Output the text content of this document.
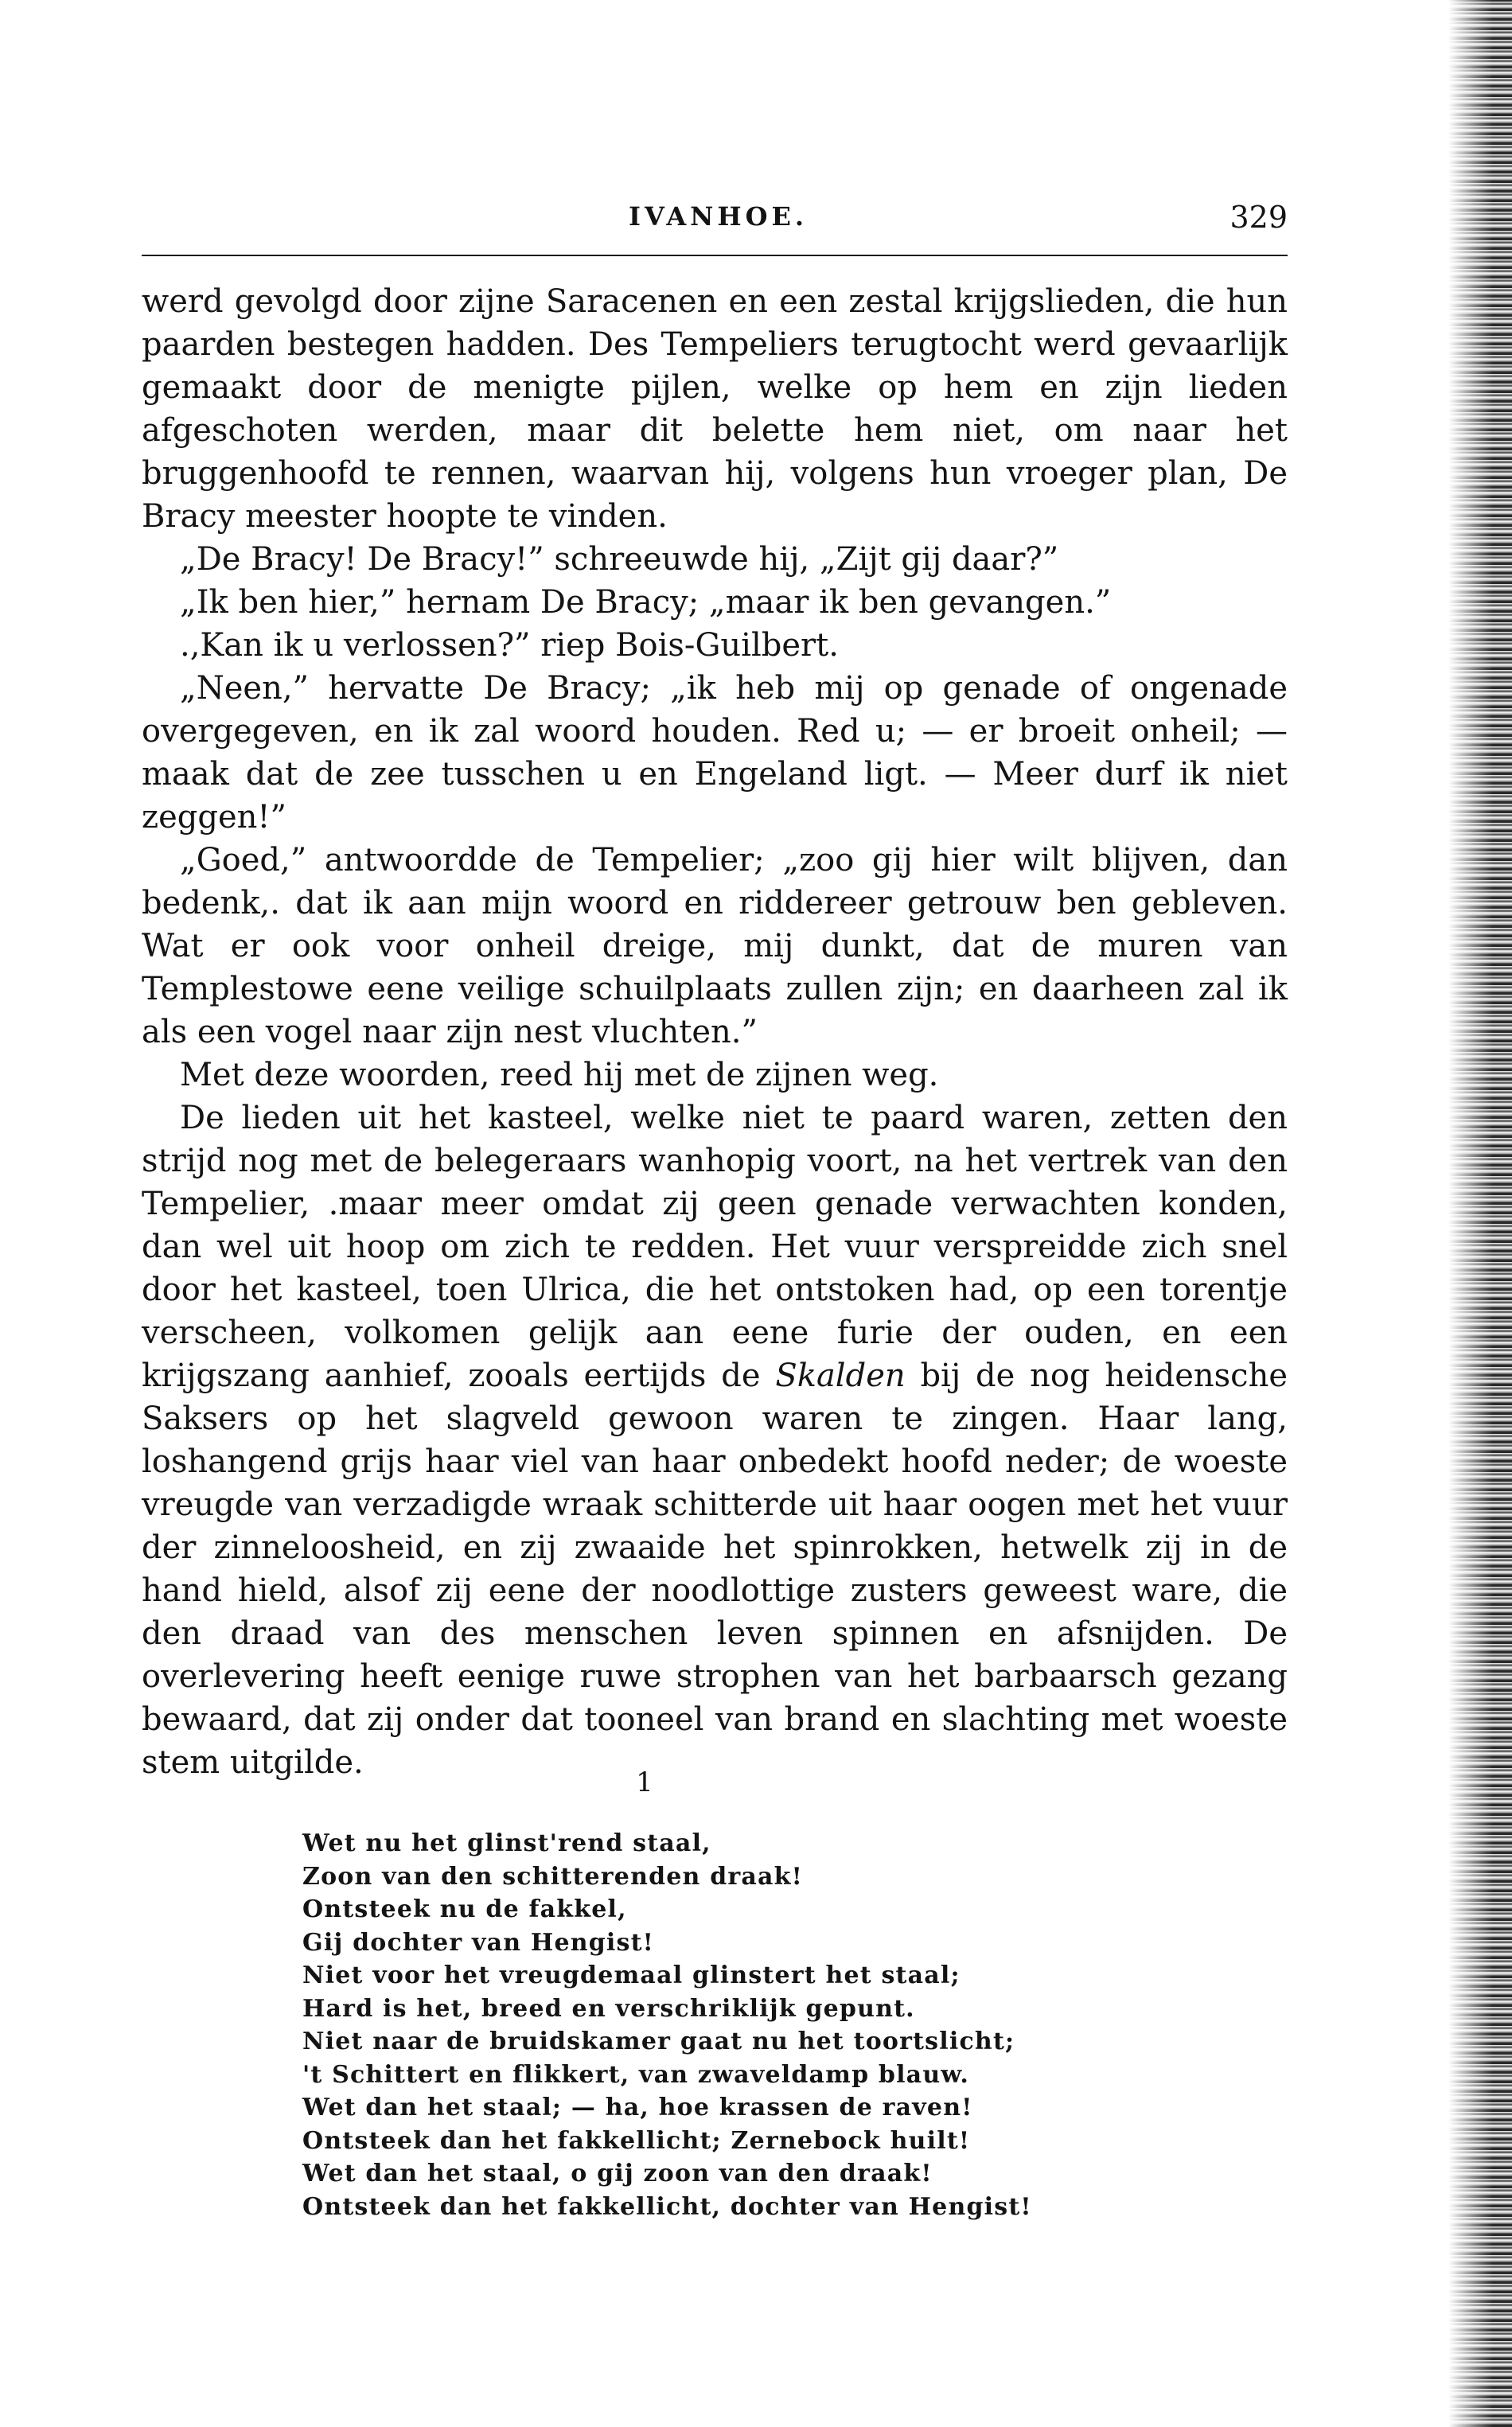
IVANHOE.	329

werd gevolgd door zijne Saracenen en een zestal krijgslieden, die hun paarden bestegen hadden. Des Tempeliers terugtocht werd gevaarlijk gemaakt door de menigte pijlen, welke op hem en zijn lieden afgeschoten werden, maar dit belette hem niet, om naar het bruggenhoofd te rennen, waarvan hij, volgens hun vroeger plan, De Bracy meester hoopte te vinden.

„De Bracy! De Bracy!” schreeuwde hij, „Zijt gij daar?”

„Ik ben hier,” hernam De Bracy; „maar ik ben gevangen.”

.,Kan ik u verlossen?” riep Bois-Guilbert.

„Neen,” hervatte De Bracy; „ik heb mij op genade of ongenade overgegeven, en ik zal woord houden. Red u; — er broeit onheil; — maak dat de zee tusschen u en Engeland ligt. — Meer durf ik niet zeggen!”

„Goed,” antwoordde de Tempelier; „zoo gij hier wilt blijven, dan bedenk,. dat ik aan mijn woord en riddereer getrouw ben gebleven. Wat er ook voor onheil dreige, mij dunkt, dat de muren van Templestowe eene veilige schuilplaats zullen zijn; en daarheen zal ik als een vogel naar zijn nest vluchten.”

Met deze woorden, reed hij met de zijnen weg.

De lieden uit het kasteel, welke niet te paard waren, zetten den strijd nog met de belegeraars wanhopig voort, na het vertrek van den Tempelier, .maar meer omdat zij geen genade verwachten konden, dan wel uit hoop om zich te redden. Het vuur verspreidde zich snel door het kasteel, toen Ulrica, die het ontstoken had, op een torentje verscheen, volkomen gelijk aan eene furie der ouden, en een krijgszang aanhief, zooals eertijds de Skalden bij de nog heidensche Saksers op het slagveld gewoon waren te zingen. Haar lang, loshangend grijs haar viel van haar onbedekt hoofd neder; de woeste vreugde van verzadigde wraak schitterde uit haar oogen met het vuur der zinneloosheid, en zij zwaaide het spinrokken, hetwelk zij in de hand hield, alsof zij eene der noodlottige zusters geweest ware, die den draad van des menschen leven spinnen en afsnijden. De overlevering heeft eenige ruwe strophen van het barbaarsch gezang bewaard, dat zij onder dat tooneel van brand en slachting met woeste stem uitgilde.

1
Wet nu het glinst'rend staal,
Zoon van den schitterenden draak!
Ontsteek nu de fakkel,
Gij dochter van Hengist!
Niet voor het vreugdemaal glinstert het staal;
Hard is het, breed en verschriklijk gepunt.
Niet naar de bruidskamer gaat nu het toortslicht;
't Schittert en flikkert, van zwaveldamp blauw.
Wet dan het staal; — ha, hoe krassen de raven!
Ontsteek dan het fakkellicht; Zernebock huilt!
Wet dan het staal, o gij zoon van den draak!
Ontsteek dan het fakkellicht, dochter van Hengist!
